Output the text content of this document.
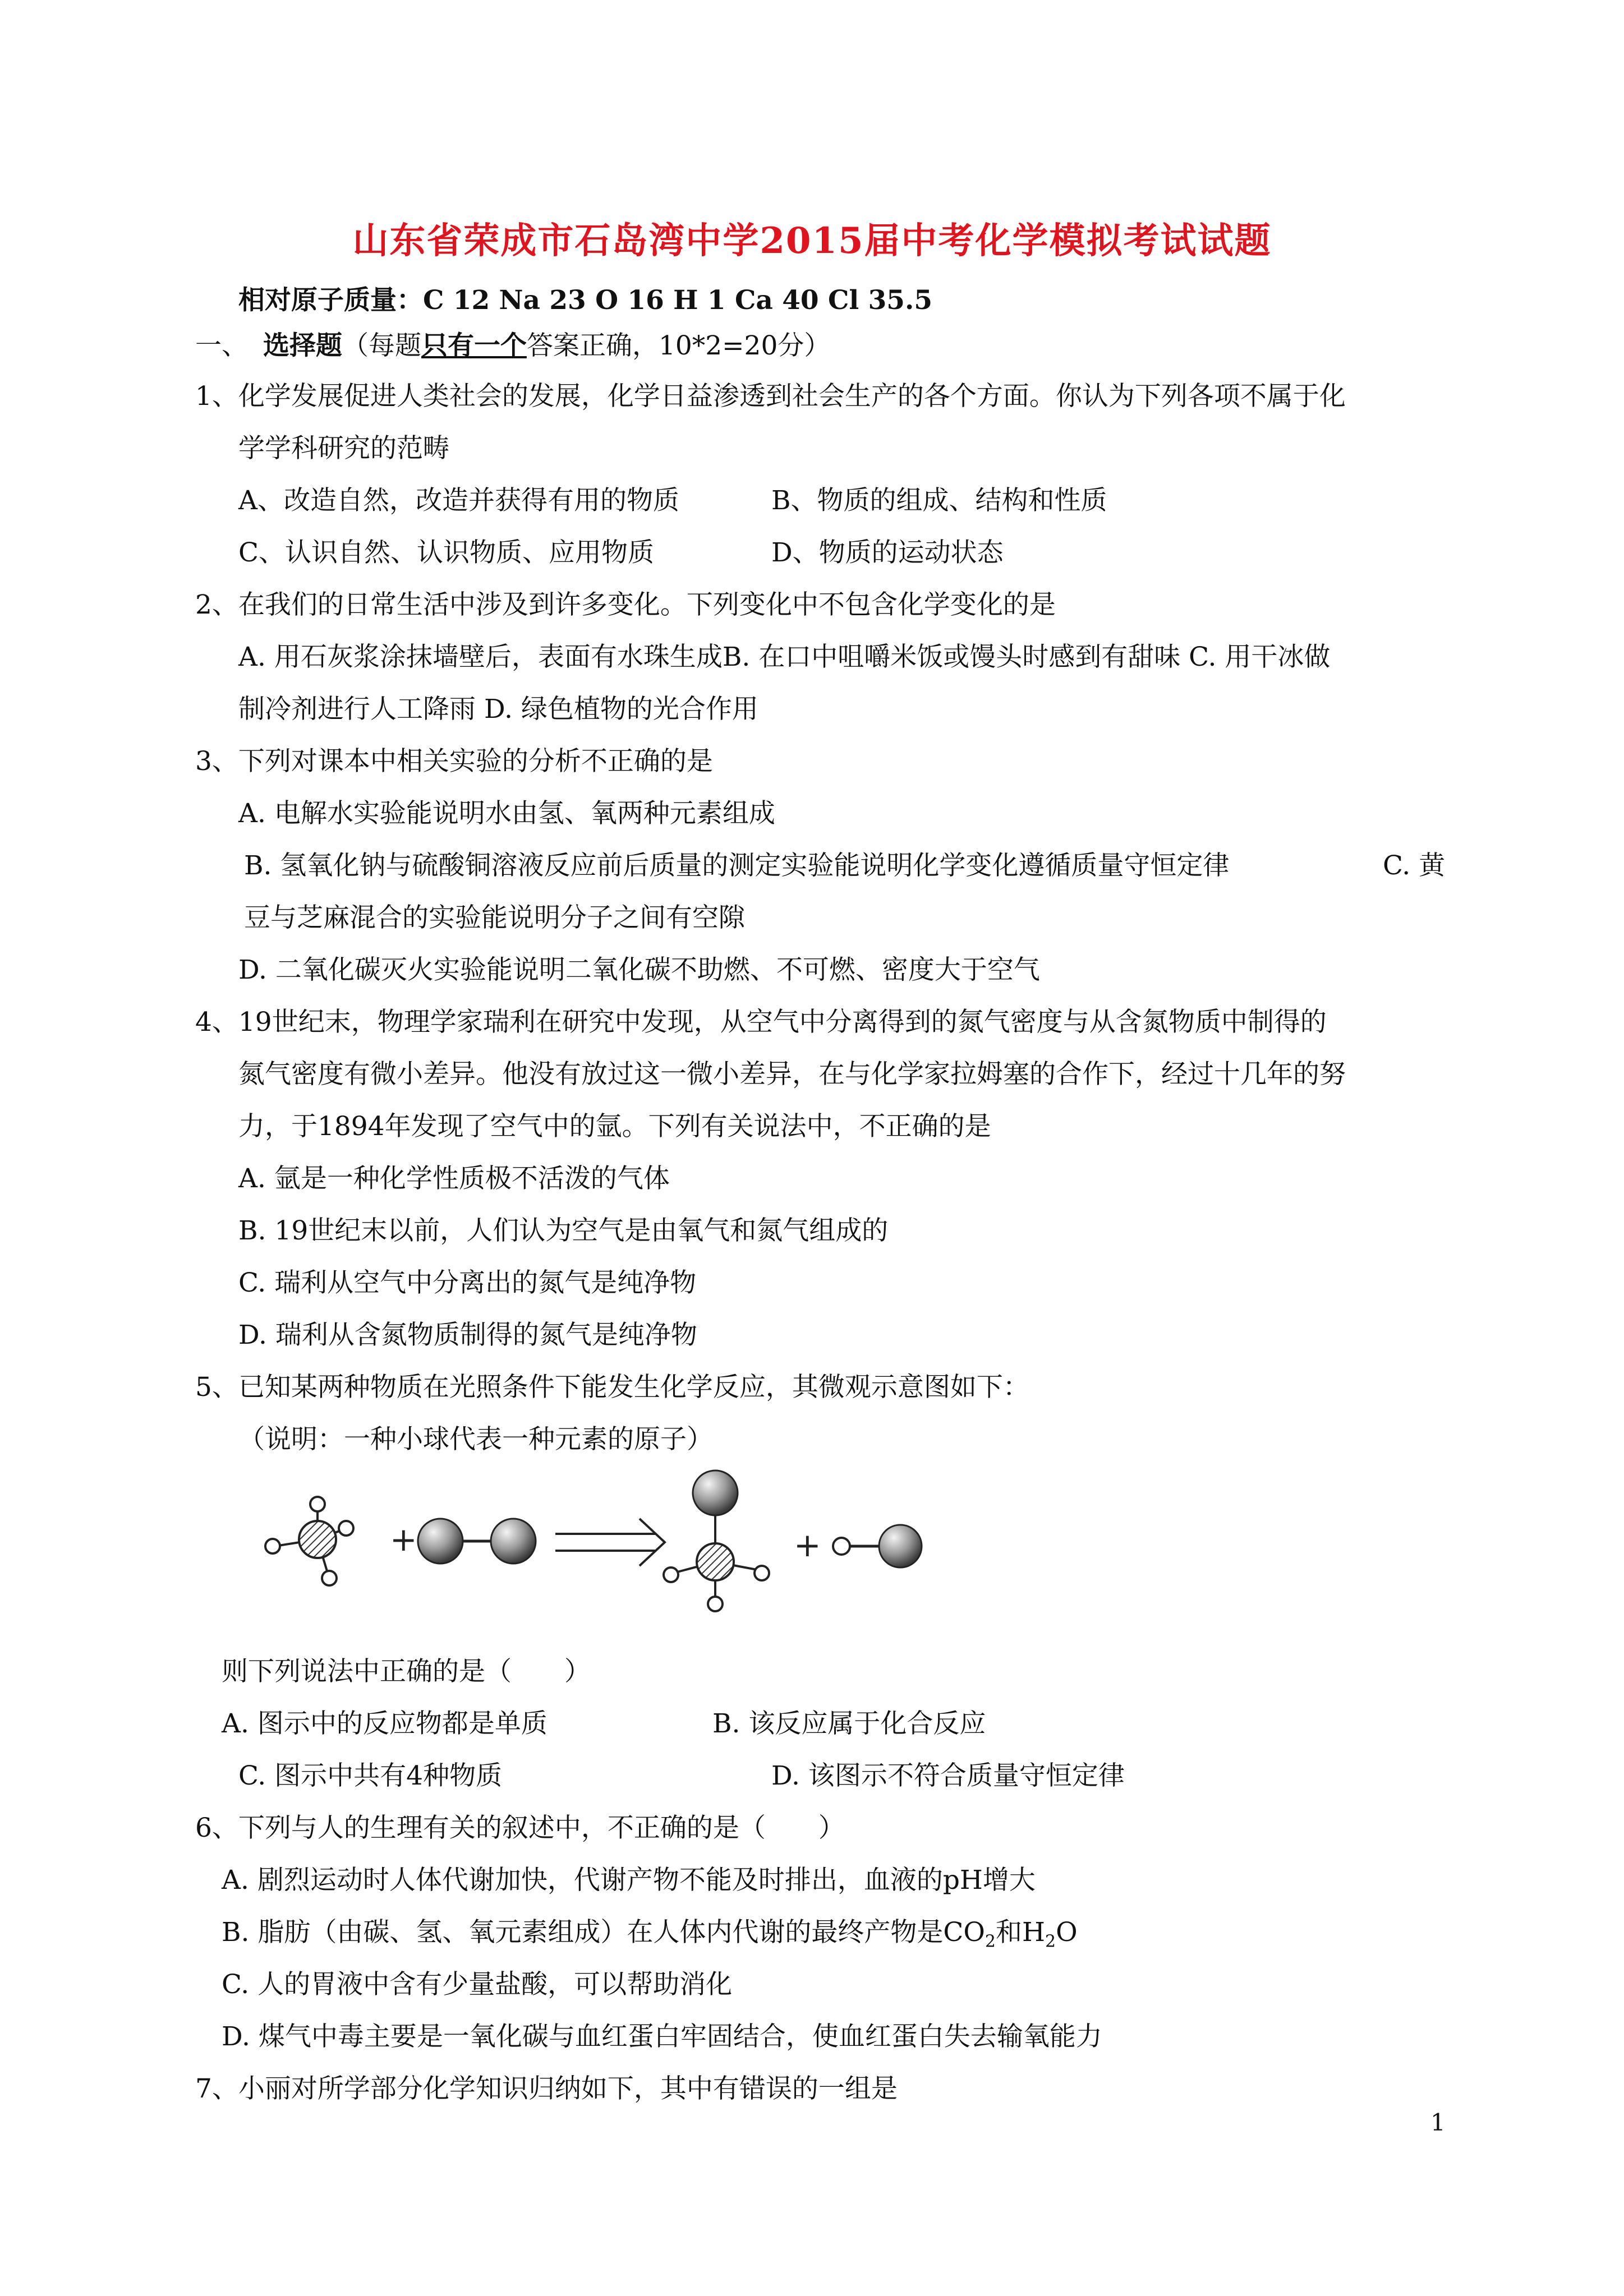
山东省荣成市石岛湾中学2015届中考化学模拟考试试题
相对原子质量：C 12 Na 23 O 16 H 1 Ca 40 Cl 35.5
一、 选择题（每题只有一个答案正确，10*2=20分）
1、化学发展促进人类社会的发展，化学日益渗透到社会生产的各个方面。你认为下列各项不属于化
学学科研究的范畴
A、改造自然，改造并获得有用的物质	B、物质的组成、结构和性质
C、认识自然、认识物质、应用物质	D、物质的运动状态
2、在我们的日常生活中涉及到许多变化。下列变化中不包含化学变化的是
A. 用石灰浆涂抹墙壁后，表面有水珠生成B. 在口中咀嚼米饭或馒头时感到有甜味 C. 用干冰做
制冷剂进行人工降雨 D. 绿色植物的光合作用
3、下列对课本中相关实验的分析不正确的是
A. 电解水实验能说明水由氢、氧两种元素组成
B. 氢氧化钠与硫酸铜溶液反应前后质量的测定实验能说明化学变化遵循质量守恒定律	C. 黄
豆与芝麻混合的实验能说明分子之间有空隙
D. 二氧化碳灭火实验能说明二氧化碳不助燃、不可燃、密度大于空气
4、19世纪末，物理学家瑞利在研究中发现，从空气中分离得到的氮气密度与从含氮物质中制得的
氮气密度有微小差异。他没有放过这一微小差异，在与化学家拉姆塞的合作下，经过十几年的努
力，于1894年发现了空气中的氩。下列有关说法中，不正确的是
A. 氩是一种化学性质极不活泼的气体
B. 19世纪末以前，人们认为空气是由氧气和氮气组成的
C. 瑞利从空气中分离出的氮气是纯净物
D. 瑞利从含氮物质制得的氮气是纯净物
5、已知某两种物质在光照条件下能发生化学反应，其微观示意图如下：
（说明：一种小球代表一种元素的原子）
+	+
则下列说法中正确的是（　　）
A. 图示中的反应物都是单质	B. 该反应属于化合反应
C. 图示中共有4种物质	D. 该图示不符合质量守恒定律
6、下列与人的生理有关的叙述中，不正确的是（　　）
A. 剧烈运动时人体代谢加快，代谢产物不能及时排出，血液的pH增大
B. 脂肪（由碳、氢、氧元素组成）在人体内代谢的最终产物是$CO_2$和$H_2O$
C. 人的胃液中含有少量盐酸，可以帮助消化
D. 煤气中毒主要是一氧化碳与血红蛋白牢固结合，使血红蛋白失去输氧能力
7、小丽对所学部分化学知识归纳如下，其中有错误的一组是
1
